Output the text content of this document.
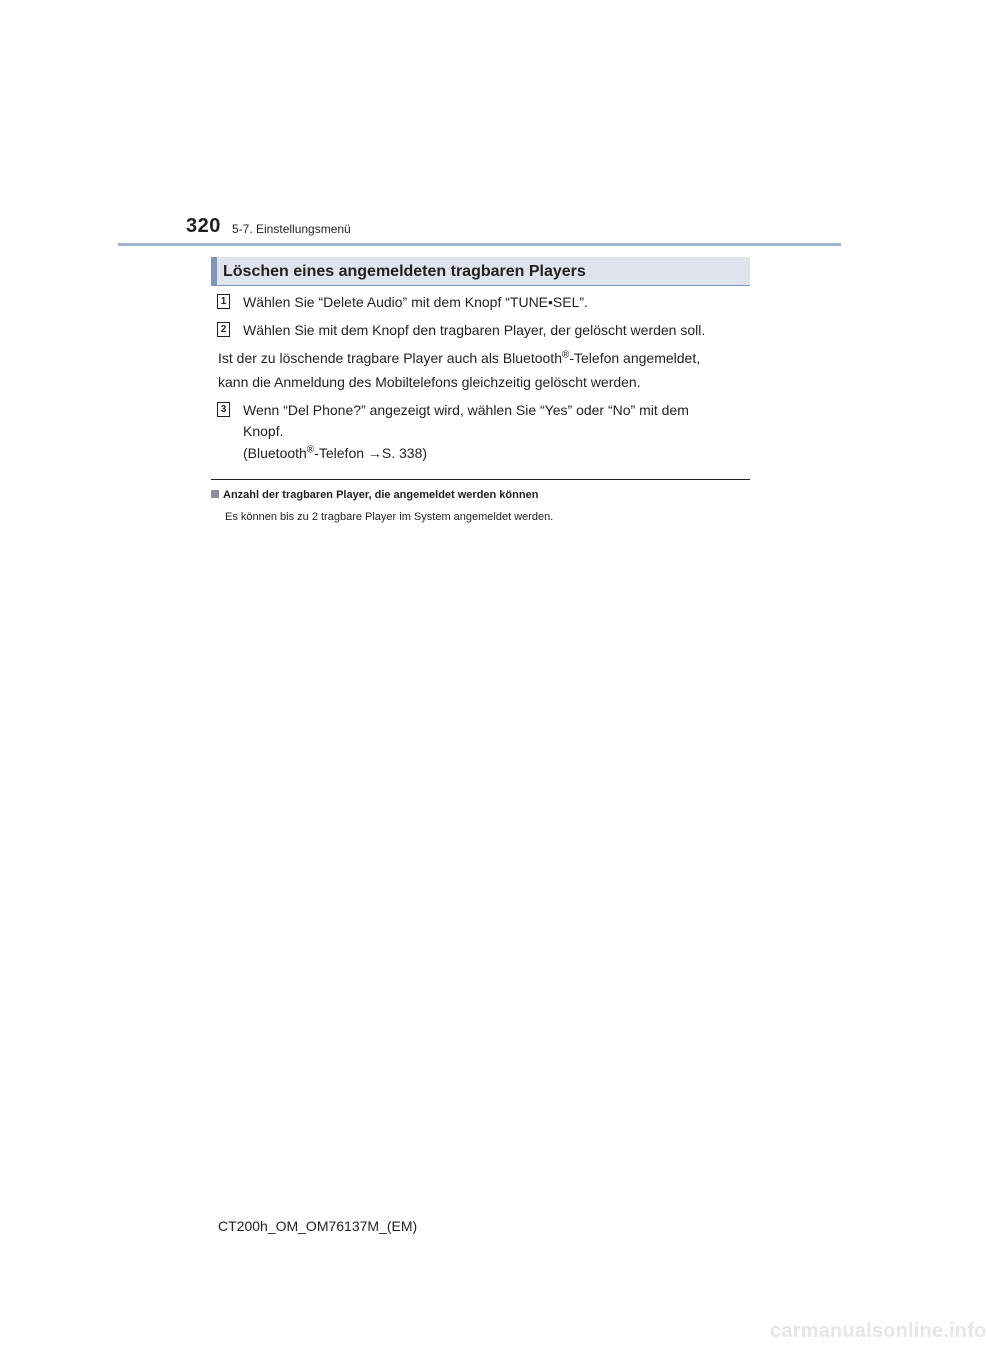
320 5-7. Einstellungsmenü
Löschen eines angemeldeten tragbaren Players
1 Wählen Sie “Delete Audio” mit dem Knopf “TUNE•SEL”.
2 Wählen Sie mit dem Knopf den tragbaren Player, der gelöscht werden soll.
Ist der zu löschende tragbare Player auch als Bluetooth®-Telefon angemeldet,
kann die Anmeldung des Mobiltelefons gleichzeitig gelöscht werden.
3 Wenn “Del Phone?” angezeigt wird, wählen Sie “Yes” oder “No” mit dem
Knopf.
(Bluetooth®-Telefon →S. 338)
Anzahl der tragbaren Player, die angemeldet werden können
Es können bis zu 2 tragbare Player im System angemeldet werden.
CT200h_OM_OM76137M_(EM)
carmanualsonline.info
